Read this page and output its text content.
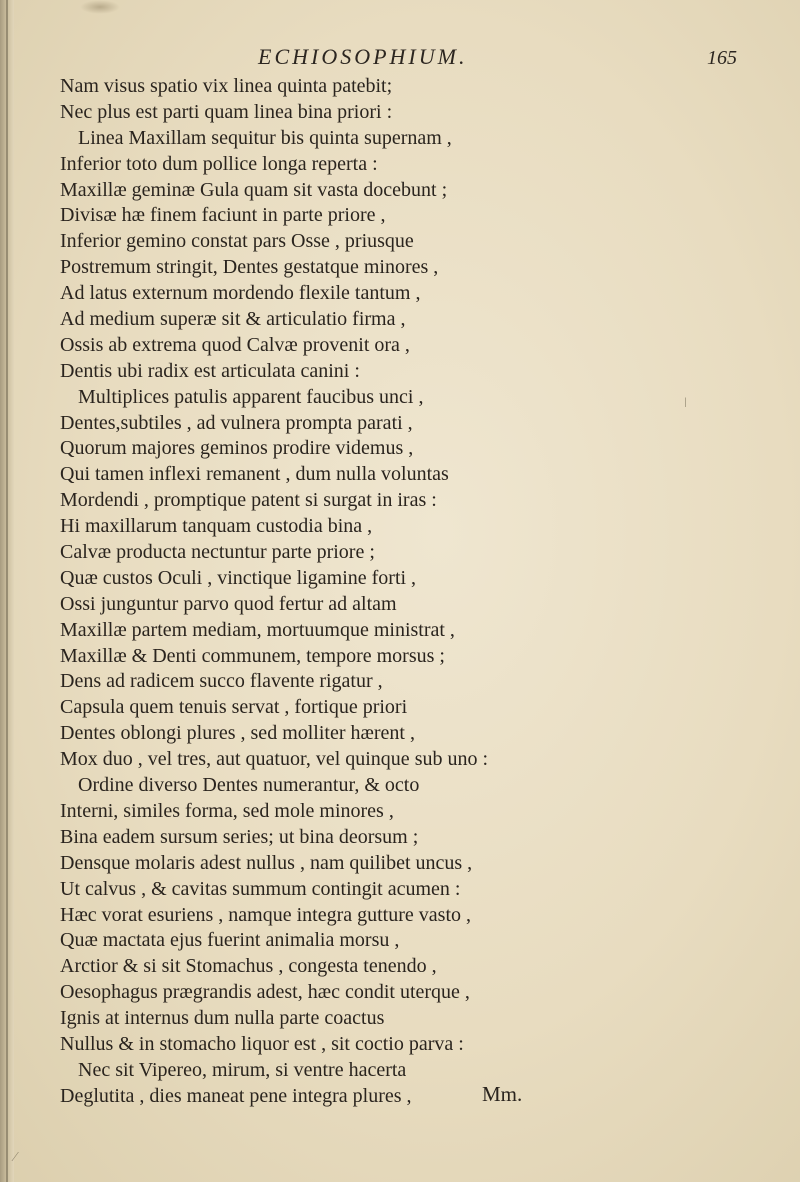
ECHIOSOPHIUM.	165
Nam visus spatio vix linea quinta patebit;
Nec plus est parti quam linea bina priori :
Linea Maxillam sequitur bis quinta supernam ,
Inferior toto dum pollice longa reperta :
Maxillæ geminæ Gula quam sit vasta docebunt ;
Divisæ hæ finem faciunt in parte priore ,
Inferior gemino constat pars Osse , priusque
Postremum stringit, Dentes gestatque minores ,
Ad latus externum mordendo flexile tantum ,
Ad medium superæ sit & articulatio firma ,
Ossis ab extrema quod Calvæ provenit ora ,
Dentis ubi radix est articulata canini :
Multiplices patulis apparent faucibus unci ,
Dentes,subtiles , ad vulnera prompta parati ,
Quorum majores geminos prodire videmus ,
Qui tamen inflexi remanent , dum nulla voluntas
Mordendi , promptique patent si surgat in iras :
Hi maxillarum tanquam custodia bina ,
Calvæ producta nectuntur parte priore ;
Quæ custos Oculi , vinctique ligamine forti ,
Ossi junguntur parvo quod fertur ad altam
Maxillæ partem mediam, mortuumque ministrat ,
Maxillæ & Denti communem, tempore morsus ;
Dens ad radicem succo flavente rigatur ,
Capsula quem tenuis servat , fortique priori
Dentes oblongi plures , sed molliter hærent ,
Mox duo , vel tres, aut quatuor, vel quinque sub uno :
Ordine diverso Dentes numerantur, & octo
Interni, similes forma, sed mole minores ,
Bina eadem sursum series; ut bina deorsum ;
Densque molaris adest nullus , nam quilibet uncus ,
Ut calvus , & cavitas summum contingit acumen :
Hæc vorat esuriens , namque integra gutture vasto ,
Quæ mactata ejus fuerint animalia morsu ,
Arctior & si sit Stomachus , congesta tenendo ,
Oesophagus prægrandis adest, hæc condit uterque ,
Ignis at internus dum nulla parte coactus
Nullus & in stomacho liquor est , sit coctio parva :
Nec sit Vipereo, mirum, si ventre hacerta
Deglutita , dies maneat pene integra plures ,	Mm.
ǀ
⁄
